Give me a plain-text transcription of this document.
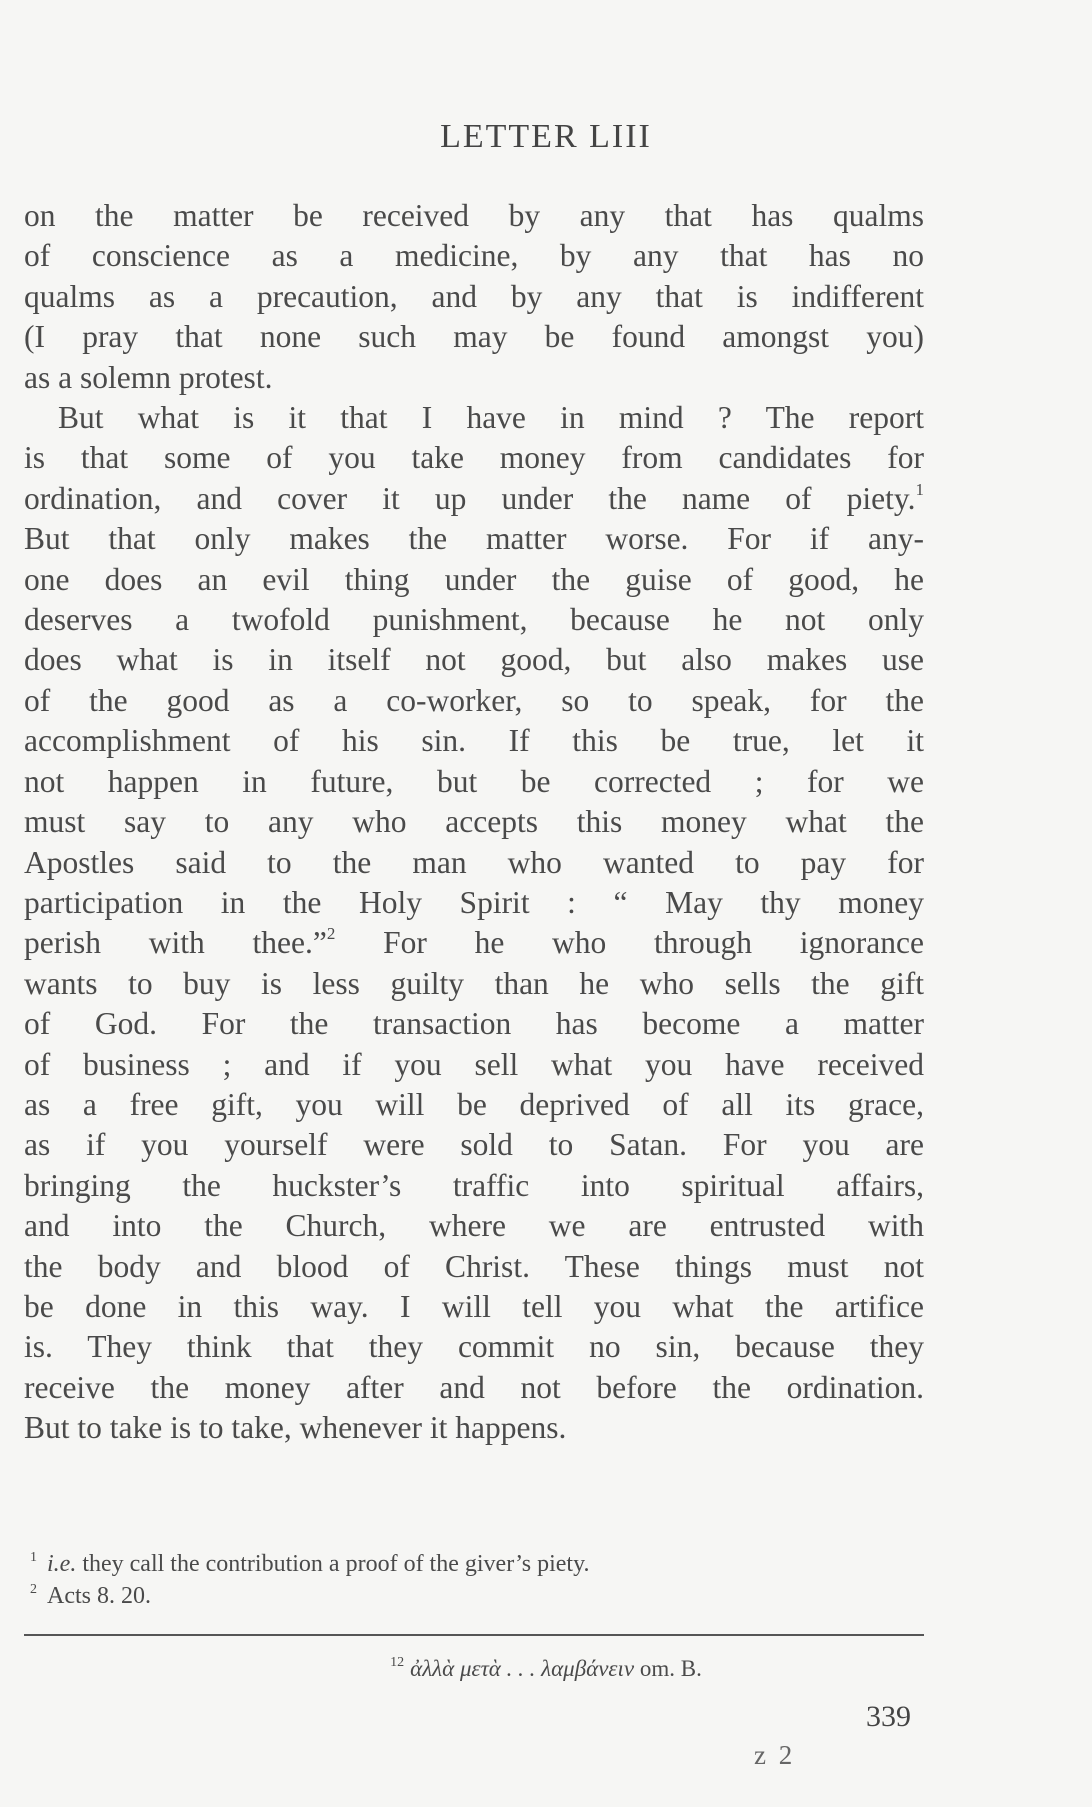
LETTER LIII

on the matter be received by any that has qualms
of conscience as a medicine, by any that has no
qualms as a precaution, and by any that is indifferent
(I pray that none such may be found amongst you)
as a solemn protest.

But what is it that I have in mind ? The report
is that some of you take money from candidates for
ordination, and cover it up under the name of piety.$^1$
But that only makes the matter worse. For if any-
one does an evil thing under the guise of good, he
deserves a twofold punishment, because he not only
does what is in itself not good, but also makes use
of the good as a co-worker, so to speak, for the
accomplishment of his sin. If this be true, let it
not happen in future, but be corrected ; for we
must say to any who accepts this money what the
Apostles said to the man who wanted to pay for
participation in the Holy Spirit : “ May thy money
perish with thee.”$^2$ For he who through ignorance
wants to buy is less guilty than he who sells the gift
of God. For the transaction has become a matter
of business ; and if you sell what you have received
as a free gift, you will be deprived of all its grace,
as if you yourself were sold to Satan. For you are
bringing the huckster’s traffic into spiritual affairs,
and into the Church, where we are entrusted with
the body and blood of Christ. These things must not
be done in this way. I will tell you what the artifice
is. They think that they commit no sin, because they
receive the money after and not before the ordination.
But to take is to take, whenever it happens.

$^1$ i.e. they call the contribution a proof of the giver’s piety.
$^2$ Acts 8. 20.
$^{12}$ ἀλλὰ μετὰ . . . λαμβάνειν om. B.
339
z 2
